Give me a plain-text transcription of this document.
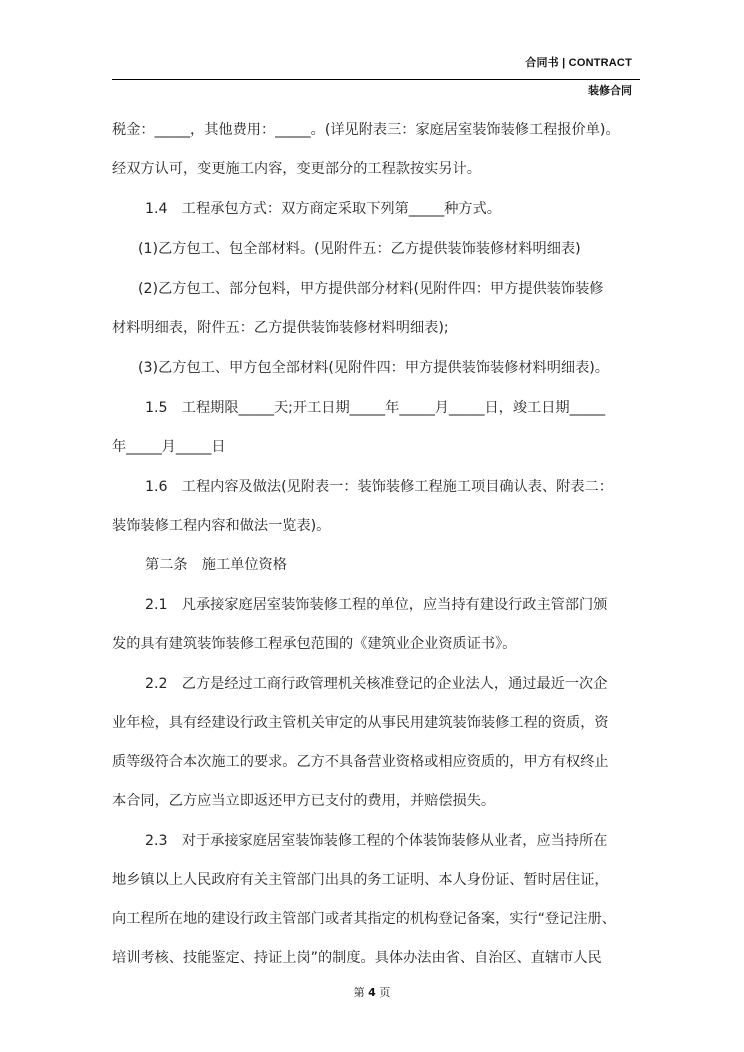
合同书 | CONTRACT
装修合同
税金：_____，其他费用：_____。(详见附表三：家庭居室装饰装修工程报价单)。
经双方认可，变更施工内容，变更部分的工程款按实另计。
1.4　工程承包方式：双方商定采取下列第_____种方式。
(1)乙方包工、包全部材料。(见附件五：乙方提供装饰装修材料明细表)
(2)乙方包工、部分包料，甲方提供部分材料(见附件四：甲方提供装饰装修
材料明细表，附件五：乙方提供装饰装修材料明细表);
(3)乙方包工、甲方包全部材料(见附件四：甲方提供装饰装修材料明细表)。
1.5　工程期限_____天;开工日期_____年_____月_____日，竣工日期_____
年_____月_____日
1.6　工程内容及做法(见附表一：装饰装修工程施工项目确认表、附表二：
装饰装修工程内容和做法一览表)。
第二条　施工单位资格
2.1　凡承接家庭居室装饰装修工程的单位，应当持有建设行政主管部门颁
发的具有建筑装饰装修工程承包范围的《建筑业企业资质证书》。
2.2　乙方是经过工商行政管理机关核准登记的企业法人，通过最近一次企
业年检，具有经建设行政主管机关审定的从事民用建筑装饰装修工程的资质，资
质等级符合本次施工的要求。乙方不具备营业资格或相应资质的，甲方有权终止
本合同，乙方应当立即返还甲方已支付的费用，并赔偿损失。
2.3　对于承接家庭居室装饰装修工程的个体装饰装修从业者，应当持所在
地乡镇以上人民政府有关主管部门出具的务工证明、本人身份证、暂时居住证，
向工程所在地的建设行政主管部门或者其指定的机构登记备案，实行“登记注册、
培训考核、技能鉴定、持证上岗”的制度。具体办法由省、自治区、直辖市人民
第 4 页
